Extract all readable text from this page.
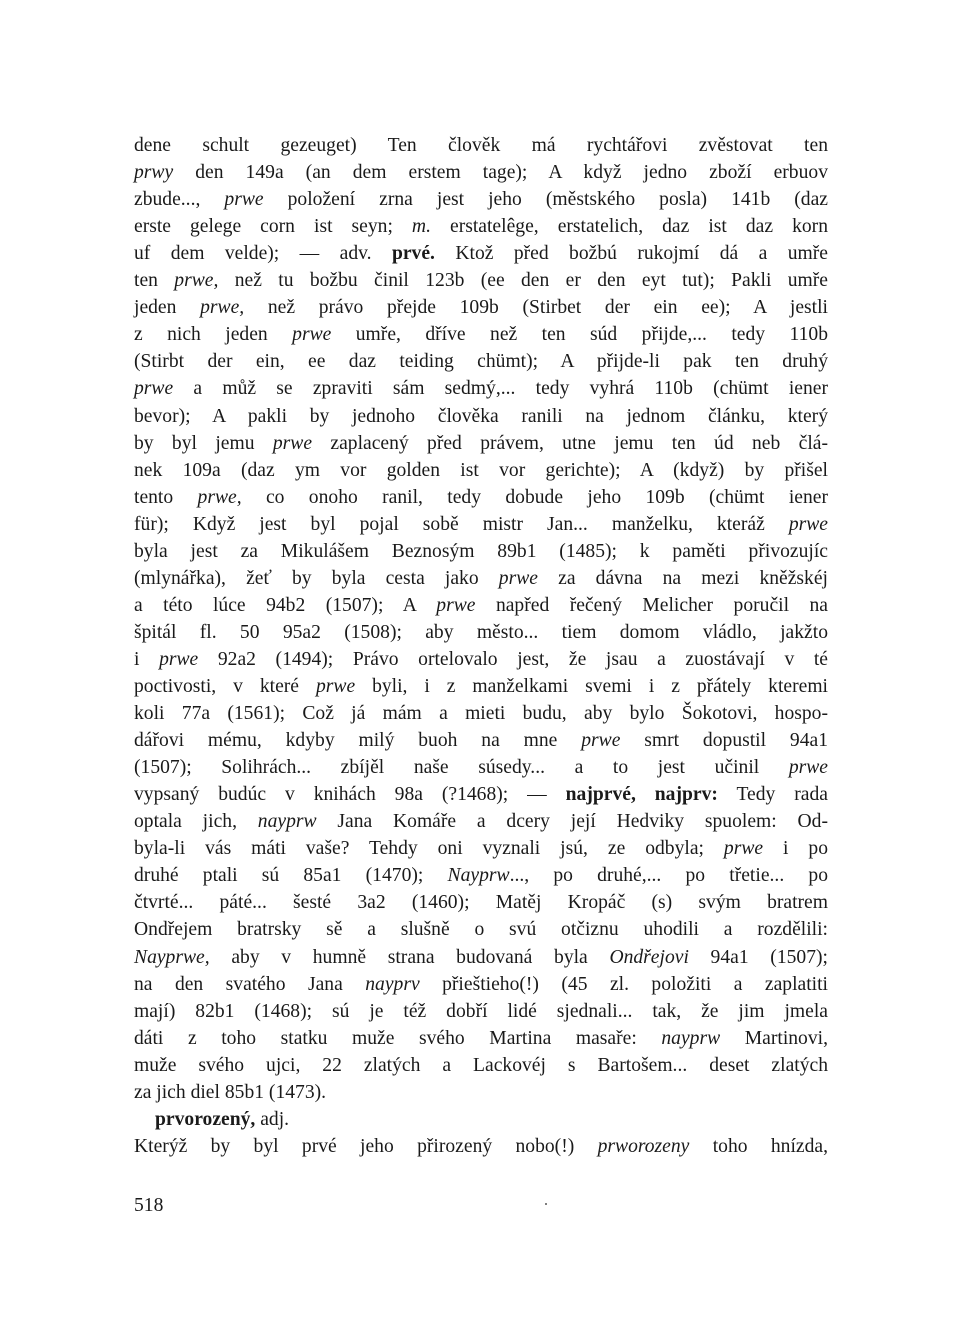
dene schult gezeuget) Ten člověk má rychtářovi zvěstovat ten
prwy den 149a (an dem erstem tage); A když jedno zboží erbuov
zbude..., prwe položení zrna jest jeho (městského posla) 141b (daz
erste gelege corn ist seyn; m. erstatelêge, erstatelich, daz ist daz korn
uf dem velde); — adv. prvé. Ktož před božbú rukojmí dá a umře
ten prwe, než tu božbu činil 123b (ee den er den eyt tut); Pakli umře
jeden prwe, než právo přejde 109b (Stirbet der ein ee); A jestli
z nich jeden prwe umře, dříve než ten súd přijde,... tedy 110b
(Stirbt der ein, ee daz teiding chümt); A přijde-li pak ten druhý
prwe a můž se zpraviti sám sedmý,... tedy vyhrá 110b (chümt iener
bevor); A pakli by jednoho člověka ranili na jednom článku, který
by byl jemu prwe zaplacený před právem, utne jemu ten úd neb člá-
nek 109a (daz ym vor golden ist vor gerichte); A (když) by přišel
tento prwe, co onoho ranil, tedy dobude jeho 109b (chümt iener
für); Když jest byl pojal sobě mistr Jan... manželku, kteráž prwe
byla jest za Mikulášem Beznosým 89b1 (1485); k paměti přivozujíc
(mlynářka), žeť by byla cesta jako prwe za dávna na mezi kněžskéj
a této lúce 94b2 (1507); A prwe napřed řečený Melicher poručil na
špitál fl. 50 95a2 (1508); aby město... tiem domom vládlo, jakžto
i prwe 92a2 (1494); Právo ortelovalo jest, že jsau a zuostávají v té
poctivosti, v které prwe byli, i z manželkami svemi i z přátely kteremi
koli 77a (1561); Což já mám a mieti budu, aby bylo Šokotovi, hospo-
dářovi mému, kdyby milý buoh na mne prwe smrt dopustil 94a1
(1507); Solihrách... zbíjěl naše súsedy... a to jest učinil prwe
vypsaný budúc v knihách 98a (?1468); — najprvé, najprv: Tedy rada
optala jich, nayprw Jana Komáře a dcery její Hedviky spuolem: Od-
byla-li vás máti vaše? Tehdy oni vyznali jsú, ze odbyla; prwe i po
druhé ptali sú 85a1 (1470); Nayprw..., po druhé,... po třetie... po
čtvrté... páté... šesté 3a2 (1460); Matěj Kropáč (s) svým bratrem
Ondřejem bratrsky sě a slušně o svú otčiznu uhodili a rozdělili:
Nayprwe, aby v humně strana budovaná byla Ondřejovi 94a1 (1507);
na den svatého Jana nayprv přieštieho(!) (45 zl. položiti a zaplatiti
mají) 82b1 (1468); sú je též dobří lidé sjednali... tak, že jim jmela
dáti z toho statku muže svého Martina masaře: nayprw Martinovi,
muže svého ujci, 22 zlatých a Lackovéj s Bartošem... deset zlatých
za jich diel 85b1 (1473).
prvorozený, adj.
Kterýž by byl prvé jeho přirozený nobo(!) prworozeny toho hnízda,
518
